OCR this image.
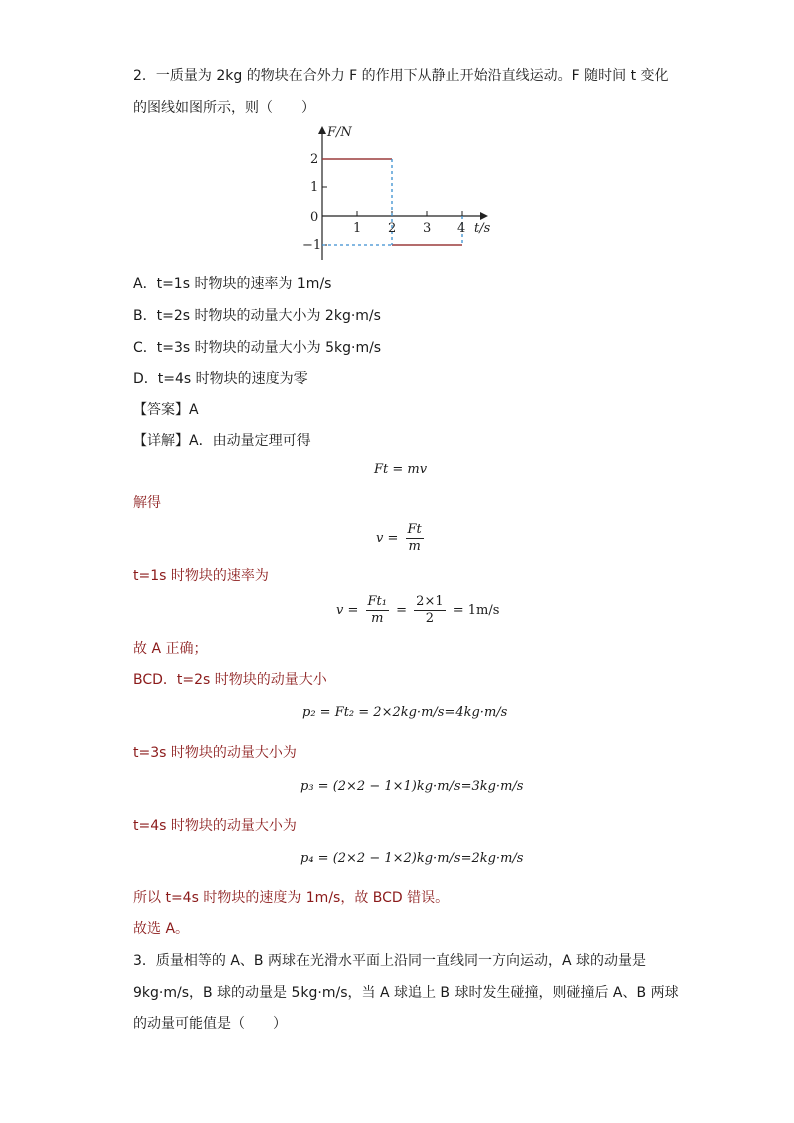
2．一质量为 2kg 的物块在合外力 F 的作用下从静止开始沿直线运动。F 随时间 t 变化
的图线如图所示，则（　　）
F/N
t/s
1 2 3 4
2
1
0
−1
A．t=1s 时物块的速率为 1m/s
B．t=2s 时物块的动量大小为 2kg·m/s
C．t=3s 时物块的动量大小为 5kg·m/s
D．t=4s 时物块的速度为零
【答案】A
【详解】A．由动量定理可得
Ft = mv
解得
$v = \frac{Ft}{m}$
t=1s 时物块的速率为
$v = \frac{\text{Ft₁}}{m} = \frac{2\times 1}{2} = 1m/s$
故 A 正确；
BCD．t=2s 时物块的动量大小
p₂ = Ft₂ = 2×2kg·m/s=4kg·m/s
t=3s 时物块的动量大小为
p₃ = (2×2 − 1×1)kg·m/s=3kg·m/s
t=4s 时物块的动量大小为
p₄ = (2×2 − 1×2)kg·m/s=2kg·m/s
所以 t=4s 时物块的速度为 1m/s，故 BCD 错误。
故选 A。
3．质量相等的 A、B 两球在光滑水平面上沿同一直线同一方向运动，A 球的动量是
9kg·m/s，B 球的动量是 5kg·m/s，当 A 球追上 B 球时发生碰撞，则碰撞后 A、B 两球
的动量可能值是（　　）
